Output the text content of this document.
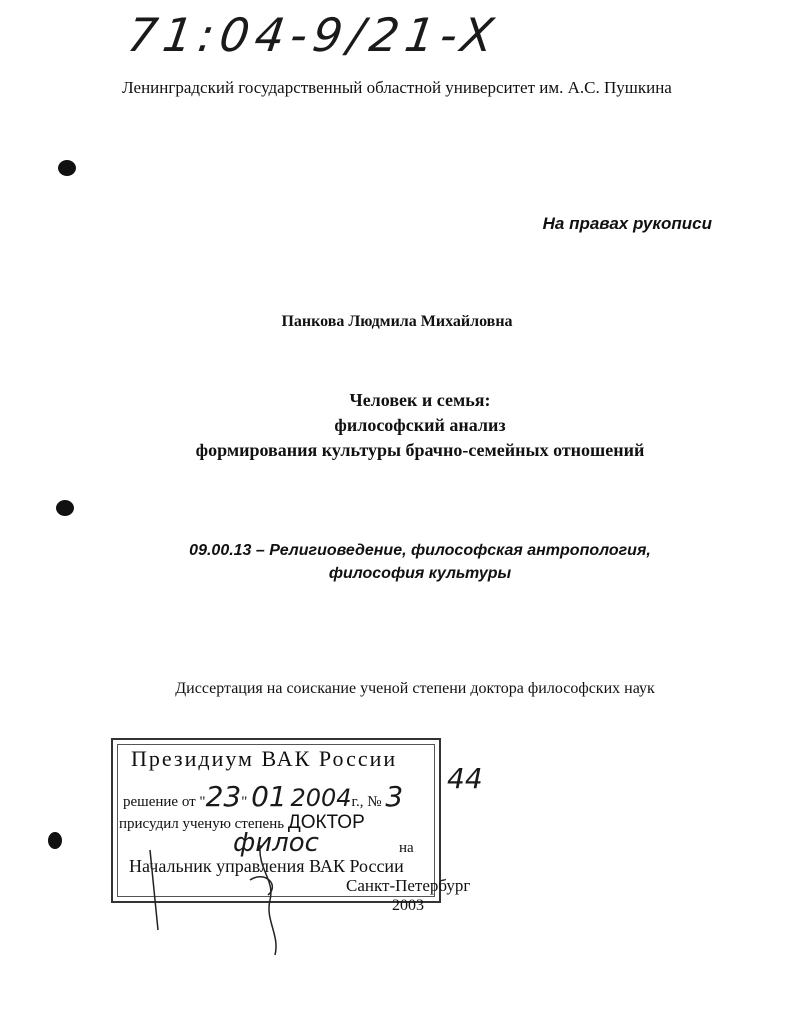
71:04-9/21-X
Ленинградский государственный областной университет им. А.С. Пушкина
На правах рукописи
Панкова Людмила Михайловна
Человек и семья:
философский анализ
формирования культуры брачно-семейных отношений
09.00.13 – Религиоведение, философская антропология,
философия культуры
Диссертация на соискание ученой степени доктора философских наук
Президиум ВАК России
решение от "23" 01 2004г., № 3
44
присудил ученую степень ДОКТОР
филос	на
Начальник управления ВАК России
Санкт-Петербург
2003
